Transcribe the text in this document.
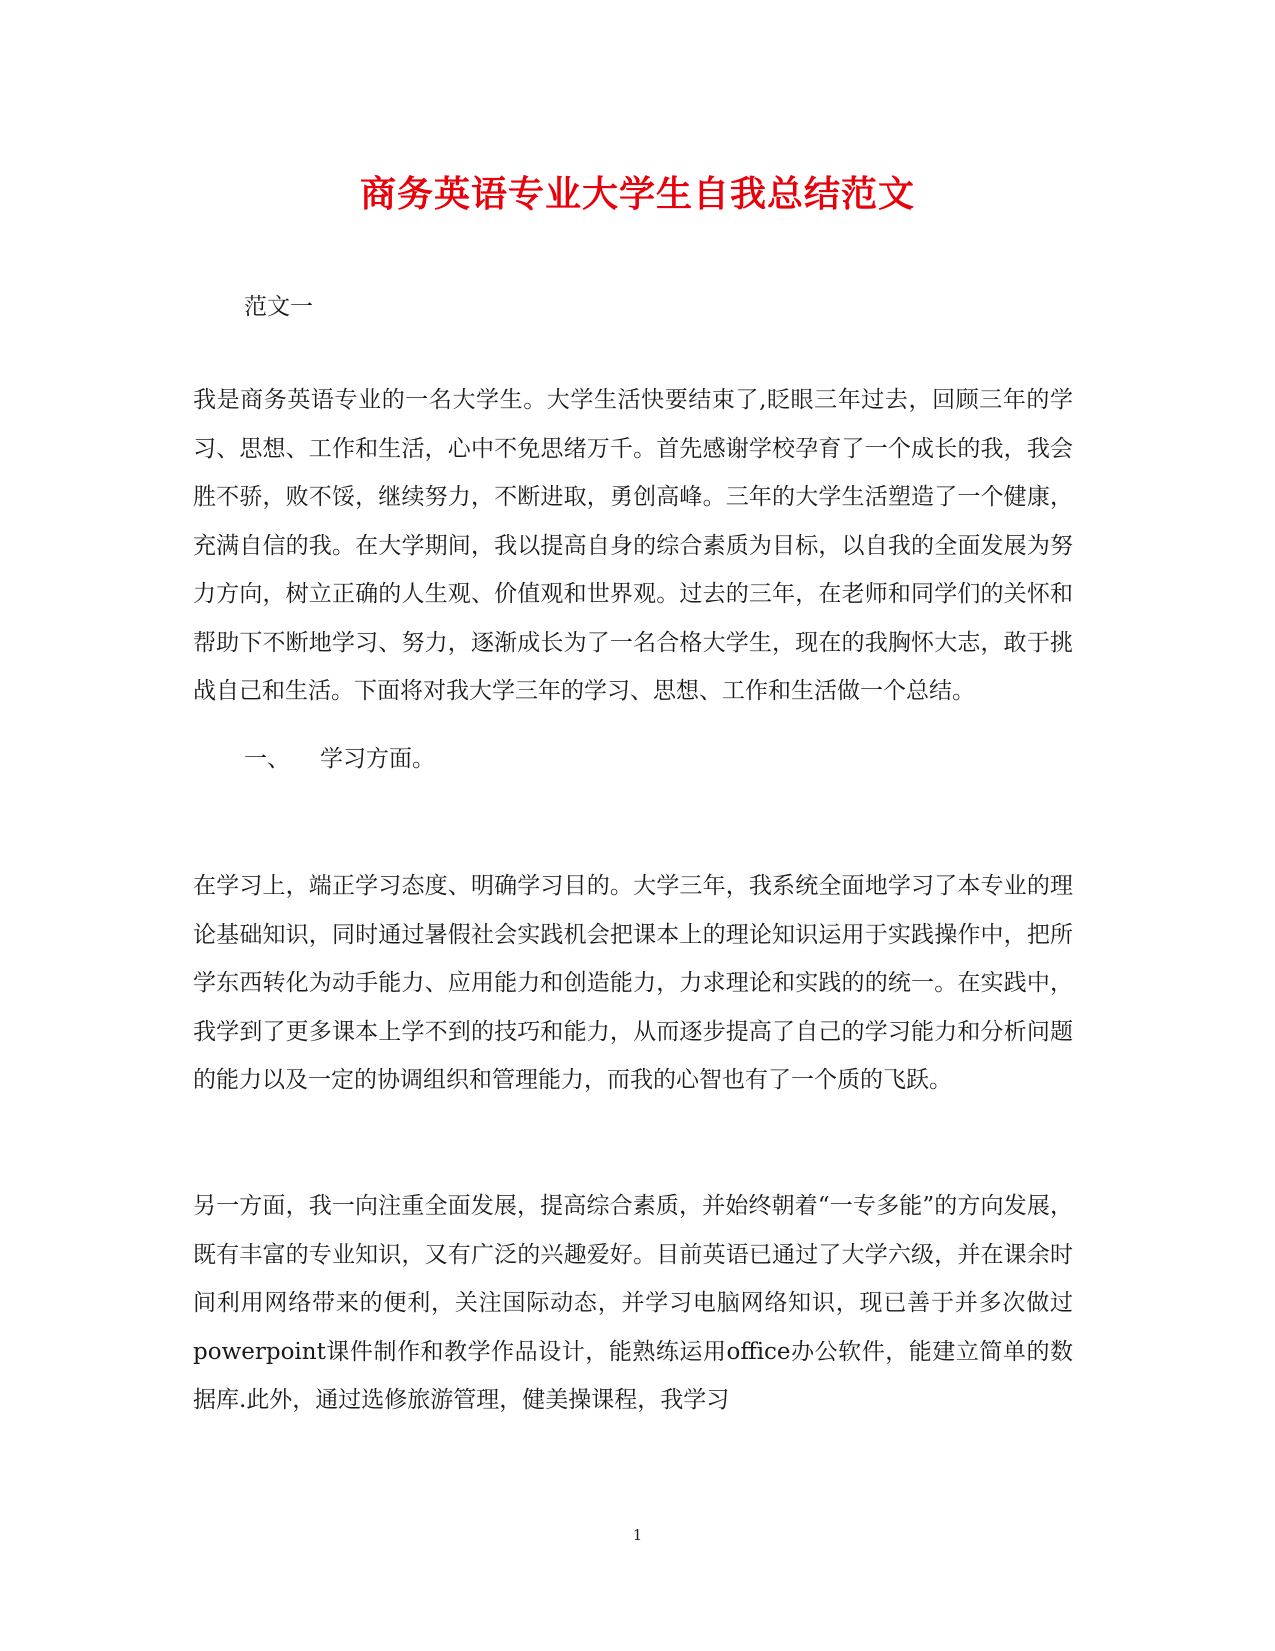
商务英语专业大学生自我总结范文
范文一

我是商务英语专业的一名大学生。大学生活快要结束了,眨眼三年过去，回顾三年的学习、思想、工作和生活，心中不免思绪万千。首先感谢学校孕育了一个成长的我，我会胜不骄，败不馁，继续努力，不断进取，勇创高峰。三年的大学生活塑造了一个健康，充满自信的我。在大学期间，我以提高自身的综合素质为目标，以自我的全面发展为努力方向，树立正确的人生观、价值观和世界观。过去的三年，在老师和同学们的关怀和帮助下不断地学习、努力，逐渐成长为了一名合格大学生，现在的我胸怀大志，敢于挑战自己和生活。下面将对我大学三年的学习、思想、工作和生活做一个总结。

一、 学习方面。

在学习上，端正学习态度、明确学习目的。大学三年，我系统全面地学习了本专业的理论基础知识，同时通过暑假社会实践机会把课本上的理论知识运用于实践操作中，把所学东西转化为动手能力、应用能力和创造能力，力求理论和实践的的统一。在实践中，我学到了更多课本上学不到的技巧和能力，从而逐步提高了自己的学习能力和分析问题的能力以及一定的协调组织和管理能力，而我的心智也有了一个质的飞跃。

另一方面，我一向注重全面发展，提高综合素质，并始终朝着“一专多能”的方向发展，既有丰富的专业知识，又有广泛的兴趣爱好。目前英语已通过了大学六级，并在课余时间利用网络带来的便利，关注国际动态，并学习电脑网络知识，现已善于并多次做过powerpoint课件制作和教学作品设计，能熟练运用office办公软件，能建立简单的数据库.此外，通过选修旅游管理，健美操课程，我学习

1
